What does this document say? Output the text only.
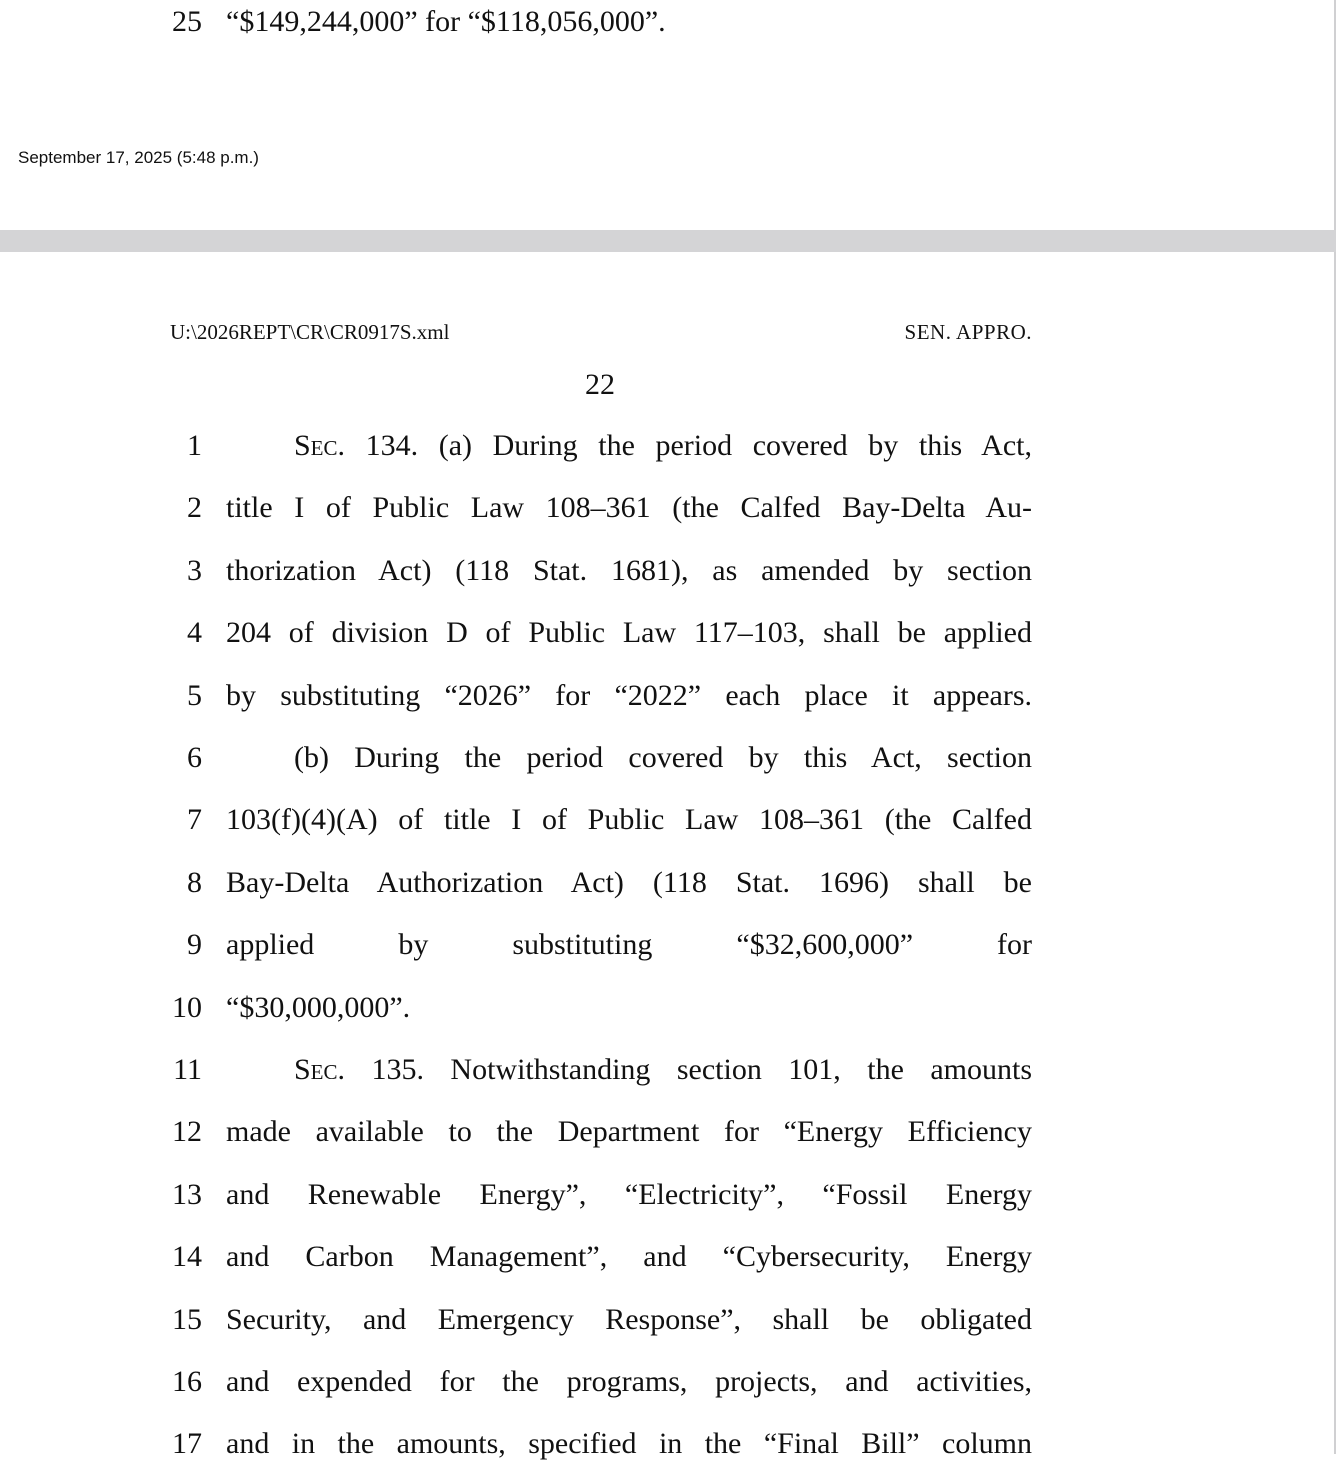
25 “$149,244,000” for “$118,056,000”.
September 17, 2025 (5:48 p.m.)
U:\2026REPT\CR\CR0917S.xml	SEN. APPRO.
22
1	Sec. 134. (a) During the period covered by this Act,
2 title I of Public Law 108–361 (the Calfed Bay-Delta Au-
3 thorization Act) (118 Stat. 1681), as amended by section
4 204 of division D of Public Law 117–103, shall be applied
5 by substituting “2026” for “2022” each place it appears.
6	(b) During the period covered by this Act, section
7 103(f)(4)(A) of title I of Public Law 108–361 (the Calfed
8 Bay-Delta Authorization Act) (118 Stat. 1696) shall be
9 applied by substituting “$32,600,000” for
10 “$30,000,000”.
11	Sec. 135. Notwithstanding section 101, the amounts
12 made available to the Department for “Energy Efficiency
13 and Renewable Energy”, “Electricity”, “Fossil Energy
14 and Carbon Management”, and “Cybersecurity, Energy
15 Security, and Emergency Response”, shall be obligated
16 and expended for the programs, projects, and activities,
17 and in the amounts, specified in the “Final Bill” column
